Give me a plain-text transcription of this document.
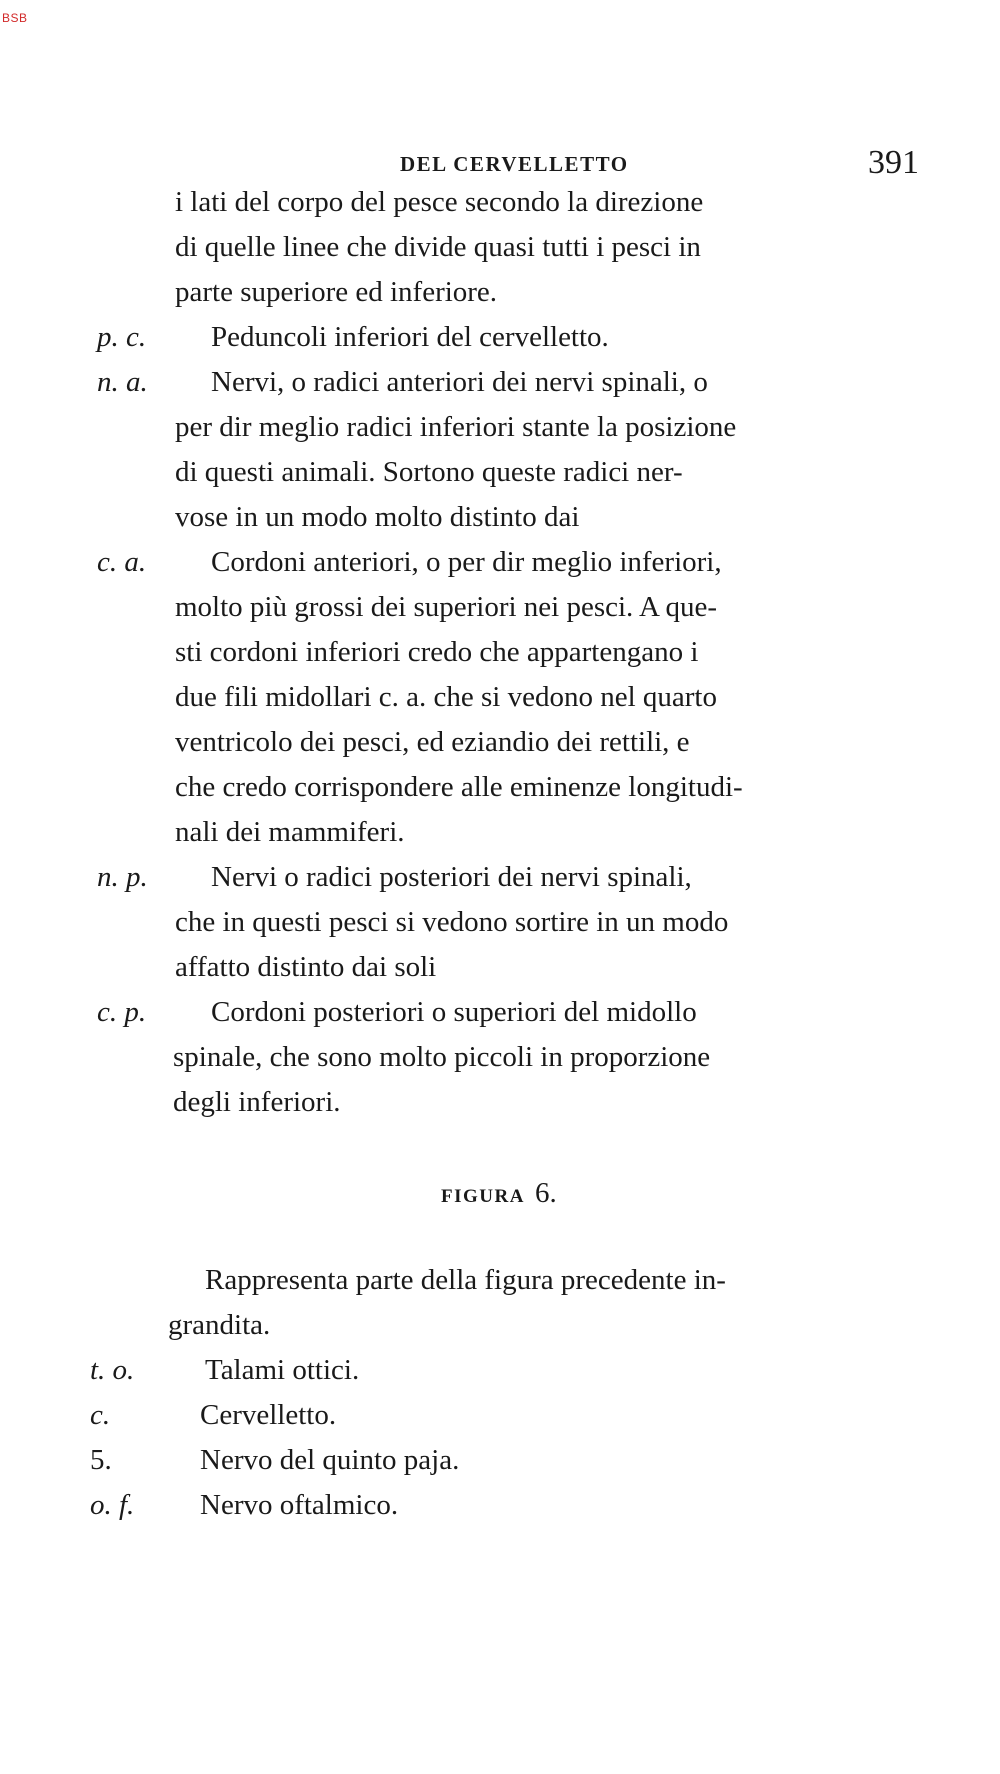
BSB
DEL CERVELLETTO	391
i lati del corpo del pesce secondo la direzione
di quelle linee che divide quasi tutti i pesci in
parte superiore ed inferiore.
p. c. Peduncoli inferiori del cervelletto.
n. a. Nervi, o radici anteriori dei nervi spinali, o
per dir meglio radici inferiori stante la posizione
di questi animali. Sortono queste radici ner-
vose in un modo molto distinto dai
c. a. Cordoni anteriori, o per dir meglio inferiori,
molto più grossi dei superiori nei pesci. A que-
sti cordoni inferiori credo che appartengano i
due fili midollari c. a. che si vedono nel quarto
ventricolo dei pesci, ed eziandio dei rettili, e
che credo corrispondere alle eminenze longitudi-
nali dei mammiferi.
n. p. Nervi o radici posteriori dei nervi spinali,
che in questi pesci si vedono sortire in un modo
affatto distinto dai soli
c. p. Cordoni posteriori o superiori del midollo
spinale, che sono molto piccoli in proporzione
degli inferiori.
FIGURA 6.
Rappresenta parte della figura precedente in-
grandita.
t. o. Talami ottici.
c.	Cervelletto.
5.	Nervo del quinto paja.
o. f. Nervo oftalmico.
